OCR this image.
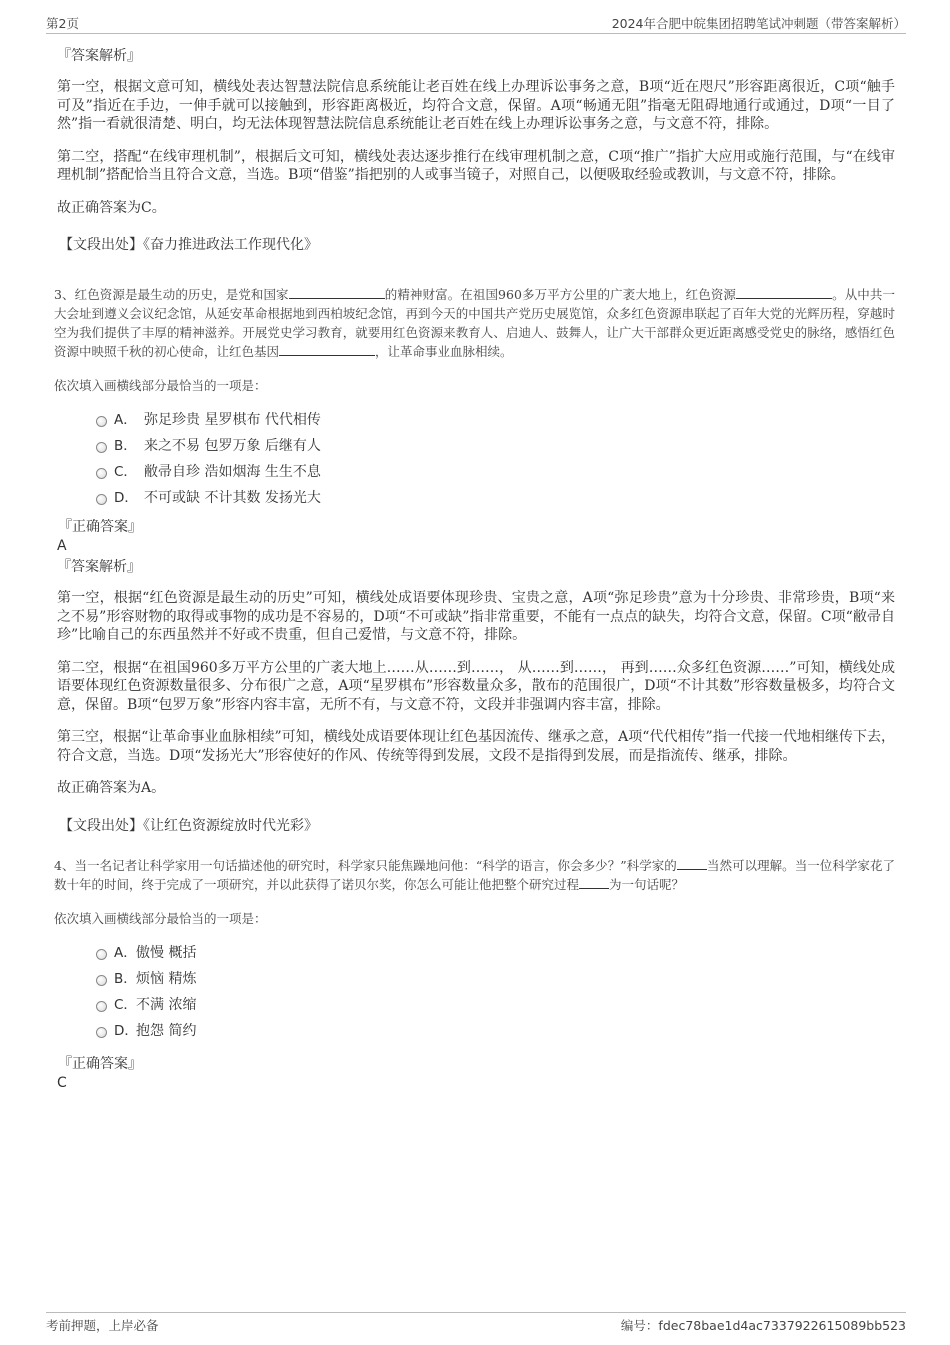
第2页	2024年合肥中皖集团招聘笔试冲刺题（带答案解析）
『答案解析』

第一空，根据文意可知，横线处表达智慧法院信息系统能让老百姓在线上办理诉讼事务之意，B项“近在咫尺”形容距离很近，C项“触手可及”指近在手边，一伸手就可以接触到，形容距离极近，均符合文意，保留。A项“畅通无阻”指毫无阻碍地通行或通过，D项“一目了然”指一看就很清楚、明白，均无法体现智慧法院信息系统能让老百姓在线上办理诉讼事务之意，与文意不符，排除。

第二空，搭配“在线审理机制”，根据后文可知，横线处表达逐步推行在线审理机制之意，C项“推广”指扩大应用或施行范围，与“在线审理机制”搭配恰当且符合文意，当选。B项“借鉴”指把别的人或事当镜子，对照自己，以便吸取经验或教训，与文意不符，排除。

故正确答案为C。

【文段出处】《奋力推进政法工作现代化》

3、红色资源是最生动的历史，是党和国家	的精神财富。在祖国960多万平方公里的广袤大地上，红色资源	。从中共一大会址到遵义会议纪念馆，从延安革命根据地到西柏坡纪念馆，再到今天的中国共产党历史展览馆，众多红色资源串联起了百年大党的光辉历程，穿越时空为我们提供了丰厚的精神滋养。开展党史学习教育，就要用红色资源来教育人、启迪人、鼓舞人，让广大干部群众更近距离感受党史的脉络，感悟红色资源中映照千秋的初心使命，让红色基因	，让革命事业血脉相续。

依次填入画横线部分最恰当的一项是：
A． 弥足珍贵 星罗棋布 代代相传
B． 来之不易 包罗万象 后继有人
C． 敝帚自珍 浩如烟海 生生不息
D． 不可或缺 不计其数 发扬光大
『正确答案』
A
『答案解析』

第一空，根据“红色资源是最生动的历史”可知，横线处成语要体现珍贵、宝贵之意，A项“弥足珍贵”意为十分珍贵、非常珍贵，B项“来之不易”形容财物的取得或事物的成功是不容易的，D项“不可或缺”指非常重要，不能有一点点的缺失，均符合文意，保留。C项“敝帚自珍”比喻自己的东西虽然并不好或不贵重，但自己爱惜，与文意不符，排除。

第二空，根据“在祖国960多万平方公里的广袤大地上……从……到……， 从……到……， 再到……众多红色资源……”可知，横线处成语要体现红色资源数量很多、分布很广之意，A项“星罗棋布”形容数量众多，散布的范围很广，D项“不计其数”形容数量极多，均符合文意，保留。B项“包罗万象”形容内容丰富，无所不有，与文意不符，文段并非强调内容丰富，排除。

第三空，根据“让革命事业血脉相续”可知，横线处成语要体现让红色基因流传、继承之意，A项“代代相传”指一代接一代地相继传下去，符合文意，当选。D项“发扬光大”形容使好的作风、传统等得到发展，文段不是指得到发展，而是指流传、继承，排除。

故正确答案为A。

【文段出处】《让红色资源绽放时代光彩》

4、当一名记者让科学家用一句话描述他的研究时，科学家只能焦躁地问他：“科学的语言，你会多少？”科学家的 当然可以理解。当一位科学家花了数十年的时间，终于完成了一项研究，并以此获得了诺贝尔奖，你怎么可能让他把整个研究过程 为一句话呢？

依次填入画横线部分最恰当的一项是：
A． 傲慢 概括
B． 烦恼 精炼
C． 不满 浓缩
D．
抱怨 简约
『正确答案』
C
考前押题，上岸必备	编号：fdec78bae1d4ac7337922615089bb523
